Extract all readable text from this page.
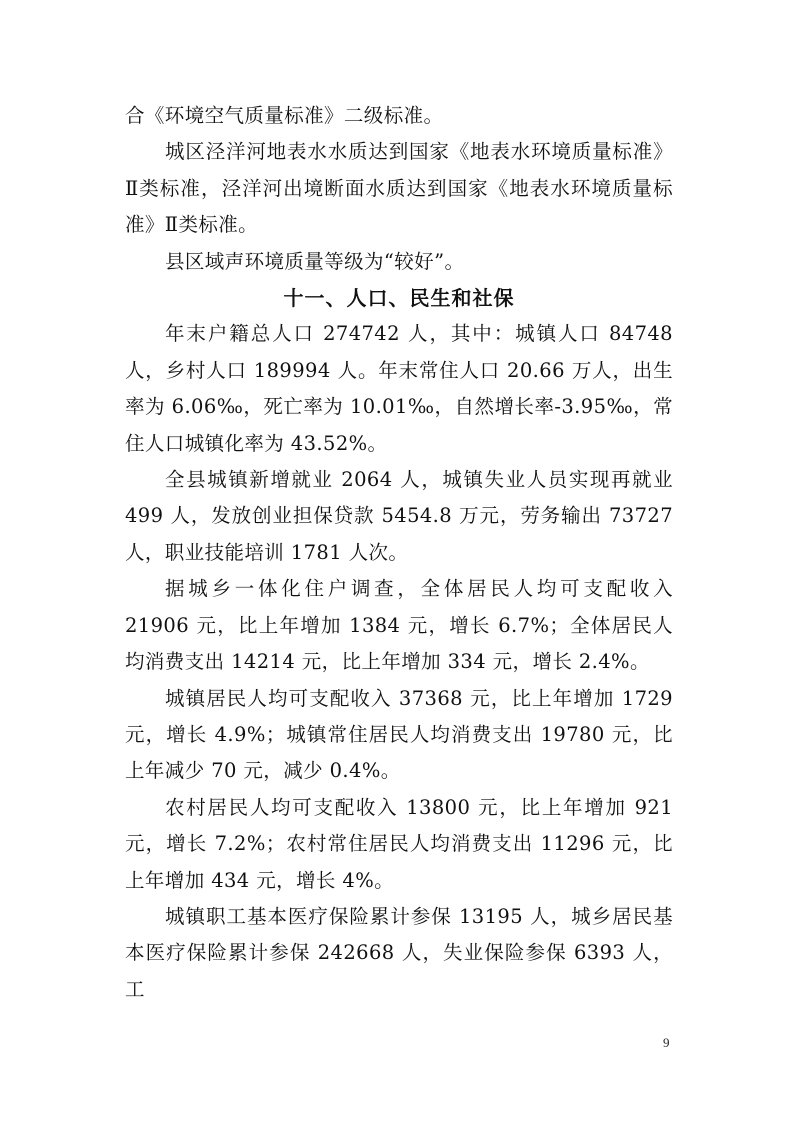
合《环境空气质量标准》二级标准。

城区泾洋河地表水水质达到国家《地表水环境质量标准》Ⅱ类标准，泾洋河出境断面水质达到国家《地表水环境质量标准》Ⅱ类标准。

县区域声环境质量等级为“较好”。

十一、人口、民生和社保

年末户籍总人口 274742 人，其中：城镇人口 84748 人，乡村人口 189994 人。年末常住人口 20.66 万人，出生率为 6.06‰，死亡率为 10.01‰，自然增长率-3.95‰，常住人口城镇化率为 43.52%。

全县城镇新增就业 2064 人，城镇失业人员实现再就业 499 人，发放创业担保贷款 5454.8 万元，劳务输出 73727 人，职业技能培训 1781 人次。

据城乡一体化住户调查，全体居民人均可支配收入 21906 元，比上年增加 1384 元，增长 6.7%；全体居民人均消费支出 14214 元，比上年增加 334 元，增长 2.4%。

城镇居民人均可支配收入 37368 元，比上年增加 1729 元，增长 4.9%；城镇常住居民人均消费支出 19780 元，比上年减少 70 元，减少 0.4%。

农村居民人均可支配收入 13800 元，比上年增加 921 元，增长 7.2%；农村常住居民人均消费支出 11296 元，比上年增加 434 元，增长 4%。

城镇职工基本医疗保险累计参保 13195 人，城乡居民基本医疗保险累计参保 242668 人，失业保险参保 6393 人，工

9
